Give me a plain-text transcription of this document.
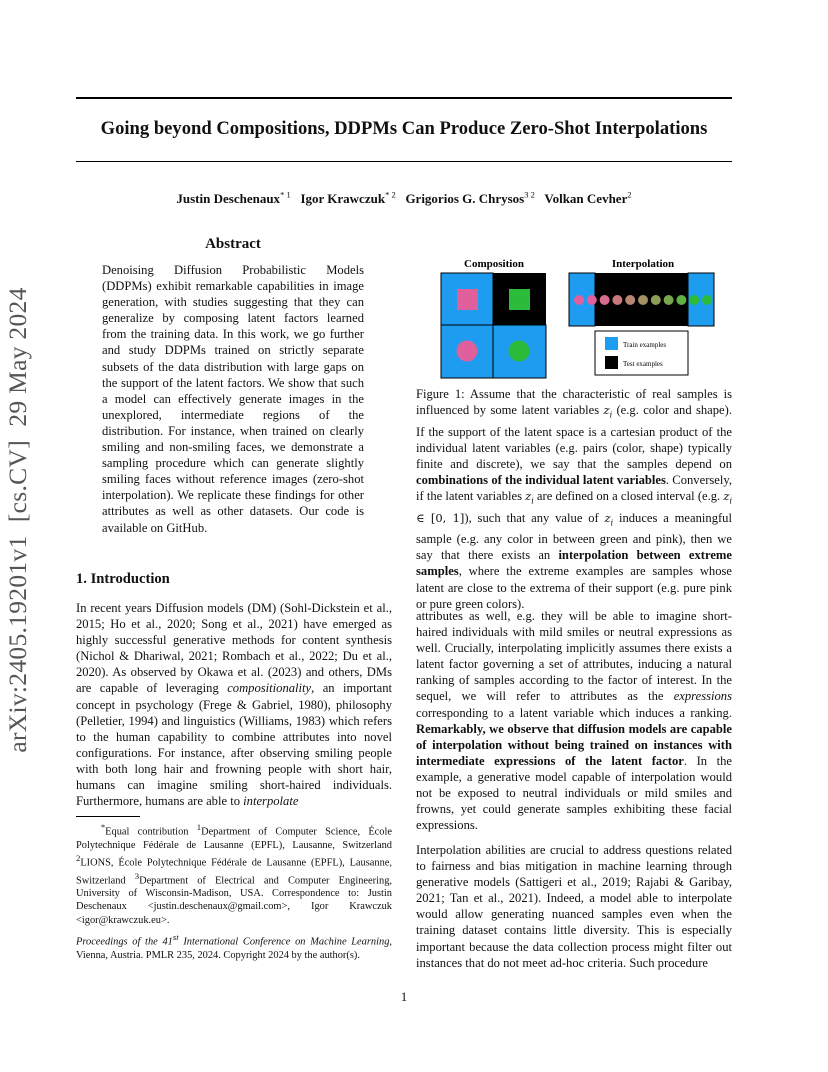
Going beyond Compositions, DDPMs Can Produce Zero-Shot Interpolations
Justin Deschenaux$^{* 1}$ Igor Krawczuk$^{* 2}$ Grigorios G. Chrysos$^{3 2}$ Volkan Cevher$^2$
arXiv:2405.19201v1  [cs.CV]  29 May 2024
Abstract
Denoising Diffusion Probabilistic Models (DDPMs) exhibit remarkable capabilities in image generation, with studies suggesting that they can generalize by composing latent factors learned from the training data. In this work, we go further and study DDPMs trained on strictly separate subsets of the data distribution with large gaps on the support of the latent factors. We show that such a model can effectively generate images in the unexplored, intermediate regions of the distribution. For instance, when trained on clearly smiling and non-smiling faces, we demonstrate a sampling procedure which can generate slightly smiling faces without reference images (zero-shot interpolation). We replicate these findings for other attributes as well as other datasets. Our code is available on GitHub.
1. Introduction

In recent years Diffusion models (DM) (Sohl-Dickstein et al., 2015; Ho et al., 2020; Song et al., 2021) have emerged as highly successful generative methods for content synthesis (Nichol & Dhariwal, 2021; Rombach et al., 2022; Du et al., 2020). As observed by Okawa et al. (2023) and others, DMs are capable of leveraging compositionality, an important concept in psychology (Frege & Gabriel, 1980), philosophy (Pelletier, 1994) and linguistics (Williams, 1983) which refers to the human capability to combine attributes into novel configurations. For instance, after observing smiling people with both long hair and frowning people with short hair, humans can imagine smiling short-haired individuals. Furthermore, humans are able to interpolate

*Equal contribution $^1$Department of Computer Science, École Polytechnique Fédérale de Lausanne (EPFL), Lausanne, Switzerland $^2$LIONS, École Polytechnique Fédérale de Lausanne (EPFL), Lausanne, Switzerland $^3$Department of Electrical and Computer Engineering, University of Wisconsin-Madison, USA. Correspondence to: Justin Deschenaux <justin.deschenaux@gmail.com>, Igor Krawczuk <igor@krawczuk.eu>.

Proceedings of the 41st International Conference on Machine Learning, Vienna, Austria. PMLR 235, 2024. Copyright 2024 by the author(s).

Composition	Interpolation
Train examples
Test examples

Figure 1: Assume that the characteristic of real samples is influenced by some latent variables $z_i$ (e.g. color and shape). If the support of the latent space is a cartesian product of the individual latent variables (e.g. pairs (color, shape) typically finite and discrete), we say that the samples depend on combinations of the individual latent variables. Conversely, if the latent variables $z_i$ are defined on a closed interval (e.g. $z_i$ ∈ [0, 1]), such that any value of $z_i$ induces a meaningful sample (e.g. any color in between green and pink), then we say that there exists an interpolation between extreme samples, where the extreme examples are samples whose latent are close to the extrema of their support (e.g. pure pink or pure green colors).

attributes as well, e.g. they will be able to imagine short-haired individuals with mild smiles or neutral expressions as well. Crucially, interpolating implicitly assumes there exists a latent factor governing a set of attributes, inducing a natural ranking of samples according to the factor of interest. In the sequel, we will refer to attributes as the expressions corresponding to a latent variable which induces a ranking. Remarkably, we observe that diffusion models are capable of interpolation without being trained on instances with intermediate expressions of the latent factor. In the example, a generative model capable of interpolation would not be exposed to neutral individuals or mild smiles and frowns, yet could generate samples exhibiting these facial expressions.

Interpolation abilities are crucial to address questions related to fairness and bias mitigation in machine learning through generative models (Sattigeri et al., 2019; Rajabi & Garibay, 2021; Tan et al., 2021). Indeed, a model able to interpolate would allow generating nuanced samples even when the training dataset contains little diversity. This is especially important because the data collection process might filter out instances that do not meet ad-hoc criteria. Such procedure

1
